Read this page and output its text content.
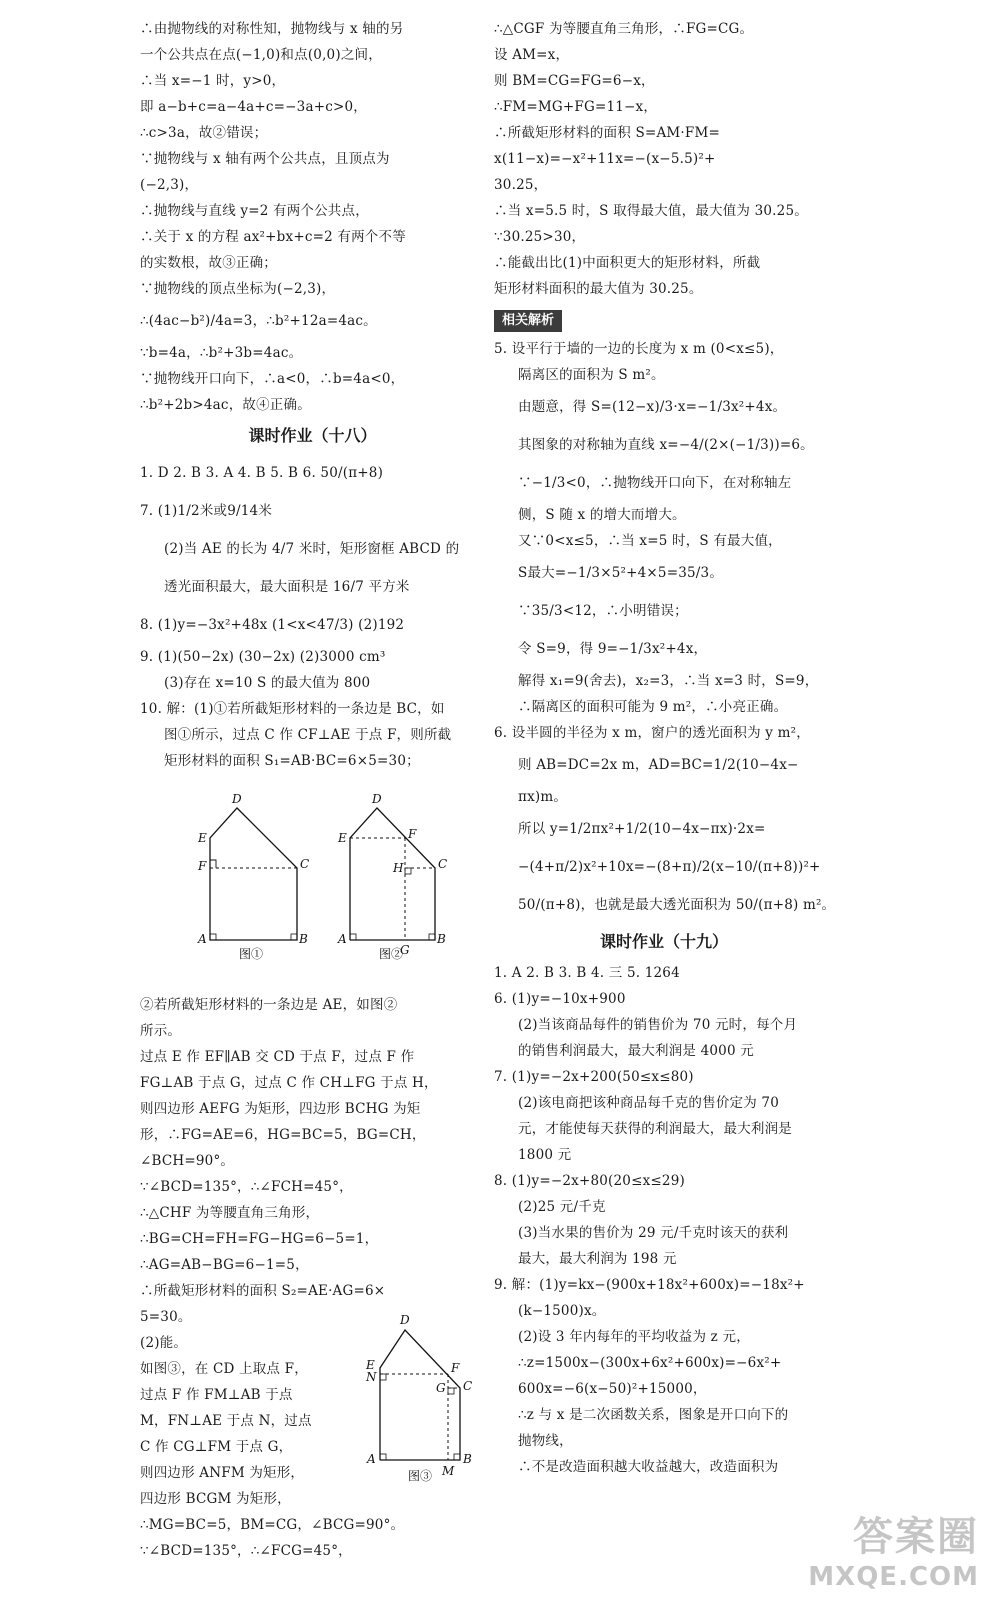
∴由抛物线的对称性知，抛物线与 x 轴的另
一个公共点在点(−1,0)和点(0,0)之间，
∴当 x=−1 时，y>0，
即 a−b+c=a−4a+c=−3a+c>0，
∴c>3a，故②错误；
∵抛物线与 x 轴有两个公共点，且顶点为
(−2,3)，
∴抛物线与直线 y=2 有两个公共点，
∴关于 x 的方程 ax²+bx+c=2 有两个不等
的实数根，故③正确；
∵抛物线的顶点坐标为(−2,3)，
∴(4ac−b²)/4a=3，∴b²+12a=4ac。
∵b=4a，∴b²+3b=4ac。
∵抛物线开口向下，∴a<0，∴b=4a<0，
∴b²+2b>4ac，故④正确。
课时作业（十八）
1. D 2. B 3. A 4. B 5. B 6. 50/(π+8)
7. (1)1/2米或9/14米
(2)当 AE 的长为 4/7 米时，矩形窗框 ABCD 的
透光面积最大，最大面积是 16/7 平方米
8. (1)y=−3x²+48x (1<x<47/3) (2)192
9. (1)(50−2x) (30−2x) (2)3000 cm³
(3)存在 x=10 S 的最大值为 800
10. 解：(1)①若所截矩形材料的一条边是 BC，如
图①所示，过点 C 作 CF⊥AE 于点 F，则所截
矩形材料的面积 S₁=AB·BC=6×5=30；
②若所截矩形材料的一条边是 AE，如图②
所示。
过点 E 作 EF∥AB 交 CD 于点 F，过点 F 作
FG⊥AB 于点 G，过点 C 作 CH⊥FG 于点 H，
则四边形 AEFG 为矩形，四边形 BCHG 为矩
形，∴FG=AE=6，HG=BC=5，BG=CH，
∠BCH=90°。
∵∠BCD=135°，∴∠FCH=45°，
∴△CHF 为等腰直角三角形，
∴BG=CH=FH=FG−HG=6−5=1，
∴AG=AB−BG=6−1=5，
∴所截矩形材料的面积 S₂=AE·AG=6×
5=30。
(2)能。
如图③，在 CD 上取点 F，
过点 F 作 FM⊥AB 于点
M，FN⊥AE 于点 N，过点
C 作 CG⊥FM 于点 G，
则四边形 ANFM 为矩形，
四边形 BCGM 为矩形，
∴MG=BC=5，BM=CG，∠BCG=90°。
∵∠BCD=135°，∴∠FCG=45°，
D
E
F	C
A	B
图①
D
E	F
H	C
A
G
B
图②
D
E
N
F
G C
A
M
B
图③
∴△CGF 为等腰直角三角形，∴FG=CG。
设 AM=x，
则 BM=CG=FG=6−x，
∴FM=MG+FG=11−x，
∴所截矩形材料的面积 S=AM·FM=
x(11−x)=−x²+11x=−(x−5.5)²+
30.25，
∴当 x=5.5 时，S 取得最大值，最大值为 30.25。
∵30.25>30，
∴能截出比(1)中面积更大的矩形材料，所截
矩形材料面积的最大值为 30.25。
相关解析
5. 设平行于墙的一边的长度为 x m (0<x≤5)，
隔离区的面积为 S m²。
由题意，得 S=(12−x)/3·x=−1/3x²+4x。
其图象的对称轴为直线 x=−4/(2×(−1/3))=6。
∵−1/3<0，∴抛物线开口向下，在对称轴左
侧，S 随 x 的增大而增大。
又∵0<x≤5，∴当 x=5 时，S 有最大值，
S最大=−1/3×5²+4×5=35/3。
∵35/3<12，∴小明错误；
令 S=9，得 9=−1/3x²+4x，
解得 x₁=9(舍去)，x₂=3，∴当 x=3 时，S=9，
∴隔离区的面积可能为 9 m²，∴小亮正确。
6. 设半圆的半径为 x m，窗户的透光面积为 y m²，
则 AB=DC=2x m，AD=BC=1/2(10−4x−
πx)m。
所以 y=1/2πx²+1/2(10−4x−πx)·2x=
−(4+π/2)x²+10x=−(8+π)/2(x−10/(π+8))²+
50/(π+8)，也就是最大透光面积为 50/(π+8) m²。
课时作业（十九）
1. A 2. B 3. B 4. 三 5. 1264
6. (1)y=−10x+900
(2)当该商品每件的销售价为 70 元时，每个月
的销售利润最大，最大利润是 4000 元
7. (1)y=−2x+200(50≤x≤80)
(2)该电商把该种商品每千克的售价定为 70
元，才能使每天获得的利润最大，最大利润是
1800 元
8. (1)y=−2x+80(20≤x≤29)
(2)25 元/千克
(3)当水果的售价为 29 元/千克时该天的获利
最大，最大利润为 198 元
9. 解：(1)y=kx−(900x+18x²+600x)=−18x²+
(k−1500)x。
(2)设 3 年内每年的平均收益为 z 元，
∴z=1500x−(300x+6x²+600x)=−6x²+
600x=−6(x−50)²+15000，
∴z 与 x 是二次函数关系，图象是开口向下的
抛物线，
∴不是改造面积越大收益越大，改造面积为
答案圈
MXQE.COM
